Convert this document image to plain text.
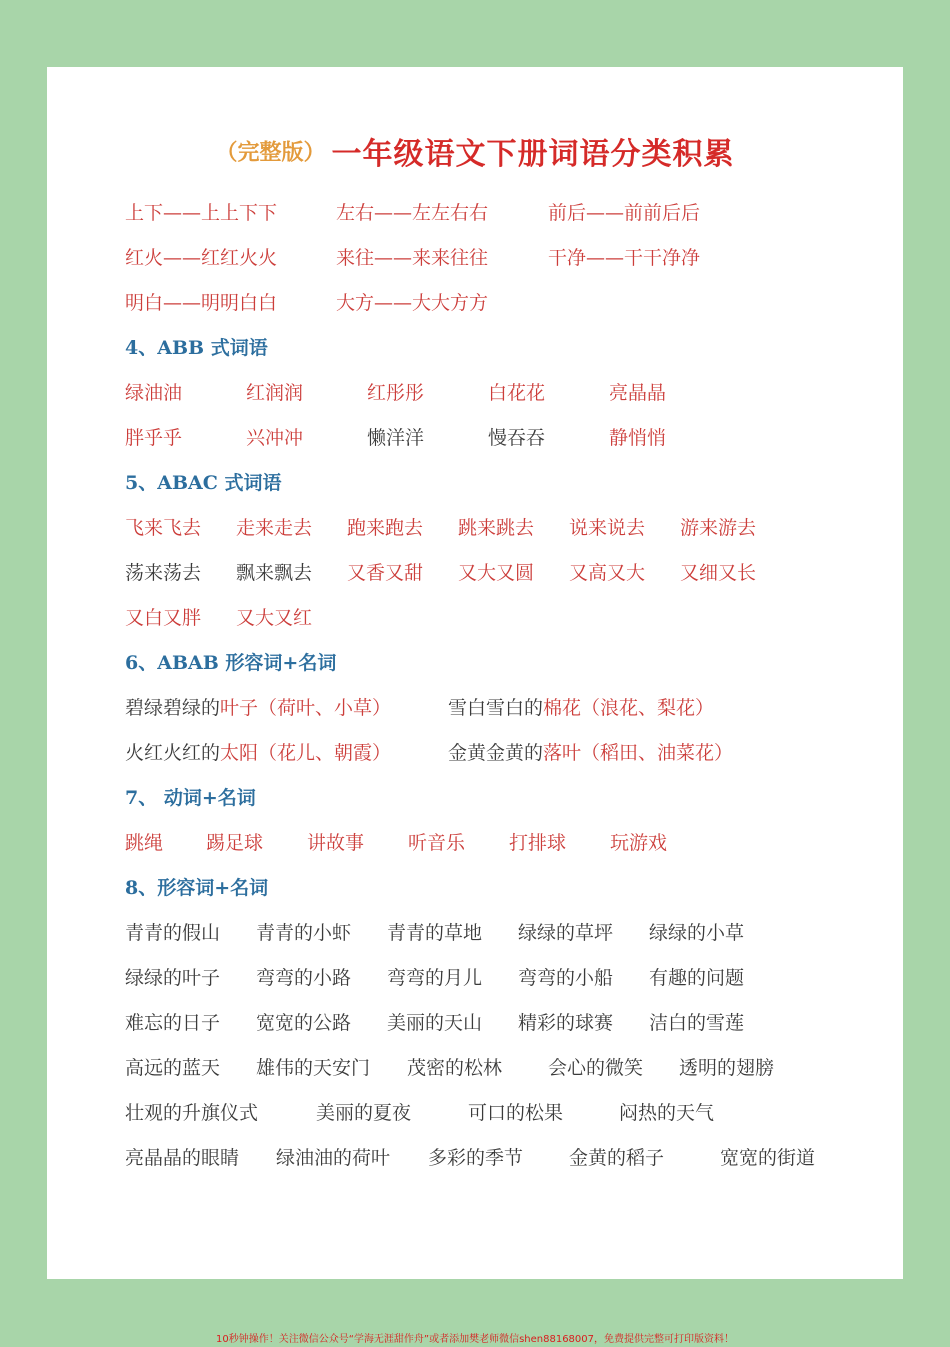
（完整版） 一年级语文下册词语分类积累
上下——上上下下	左右——左左右右	前后——前前后后
红火——红红火火	来往——来来往往	干净——干干净净
明白——明明白白	大方——大大方方
4、ABB 式词语
绿油油	红润润	红彤彤	白花花	亮晶晶
胖乎乎	兴冲冲	懒洋洋	慢吞吞	静悄悄
5、ABAC 式词语
飞来飞去 走来走去 跑来跑去 跳来跳去 说来说去 游来游去
荡来荡去 飘来飘去 又香又甜 又大又圆 又高又大 又细又长
又白又胖 又大又红
6、ABAB 形容词+名词
碧绿碧绿的叶子（荷叶、小草）	雪白雪白的棉花（浪花、梨花）
火红火红的太阳（花儿、朝霞）	金黄金黄的落叶（稻田、油菜花）
7、 动词+名词
跳绳 踢足球 讲故事 听音乐 打排球 玩游戏
8、形容词+名词
青青的假山 青青的小虾 青青的草地 绿绿的草坪 绿绿的小草
绿绿的叶子 弯弯的小路 弯弯的月儿 弯弯的小船 有趣的问题
难忘的日子 宽宽的公路 美丽的天山 精彩的球赛 洁白的雪莲
高远的蓝天 雄伟的天安门 茂密的松林 会心的微笑 透明的翅膀
壮观的升旗仪式	美丽的夏夜	可口的松果	闷热的天气
亮晶晶的眼睛 绿油油的荷叶 多彩的季节 金黄的稻子	宽宽的街道
10秒钟操作！关注微信公众号“学海无涯甜作舟”或者添加樊老师微信shen88168007，免费提供完整可打印版资料！
